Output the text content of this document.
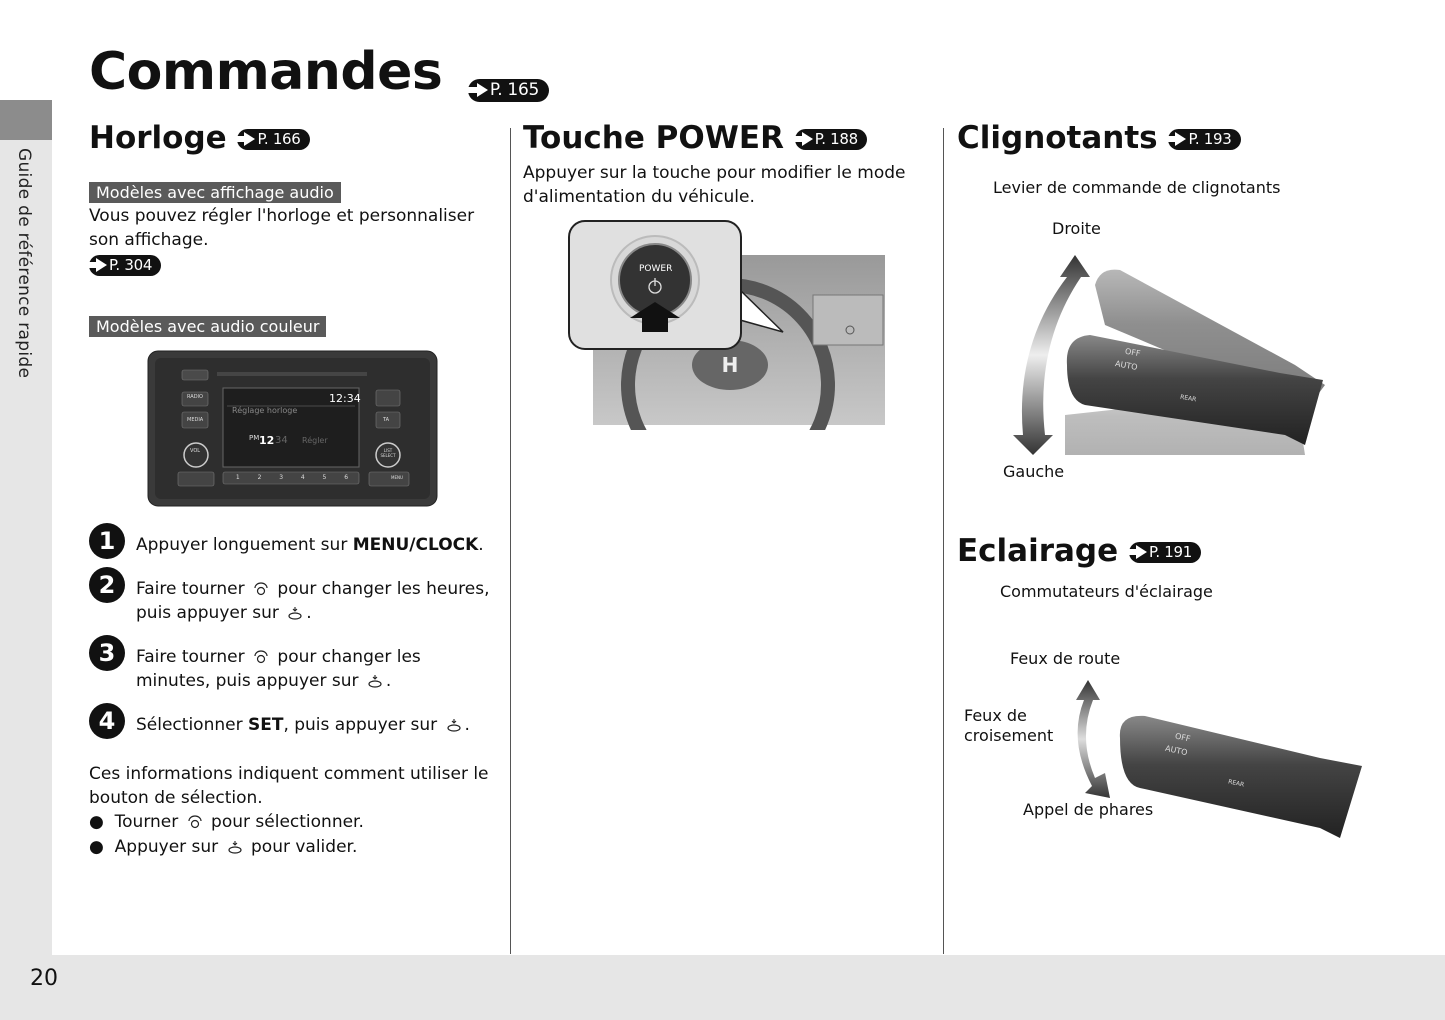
Guide de référence rapide
20
Commandes	P. 165
Horloge P. 166
Modèles avec affichage audio

Vous pouvez régler l'horloge et personnaliser son affichage.

P. 304
Modèles avec audio couleur
12:34
Réglage horloge
PM 12 34 Régler
RADIO
MEDIA	TA
VOL	LIST SELECT
MENU
1	2	3	4	5	6
1	Appuyer longuement sur MENU/CLOCK.
2	Faire tourner  pour changer les heures,
puis appuyer sur .
3	Faire tourner  pour changer les
minutes, puis appuyer sur .
4	Sélectionner SET, puis appuyer sur .

Ces informations indiquent comment utiliser le bouton de sélection.

● Tourner  pour sélectionner.
● Appuyer sur  pour valider.
Touche POWER P. 188

Appuyer sur la touche pour modifier le mode d'alimentation du véhicule.

H
POWER
Clignotants P. 193
Levier de commande de clignotants
Droite
Gauche
OFF
AUTO
REAR
Eclairage P. 191
Commutateurs d'éclairage
Feux de route
Feux de croisement
Appel de phares
OFF
AUTO
REAR
